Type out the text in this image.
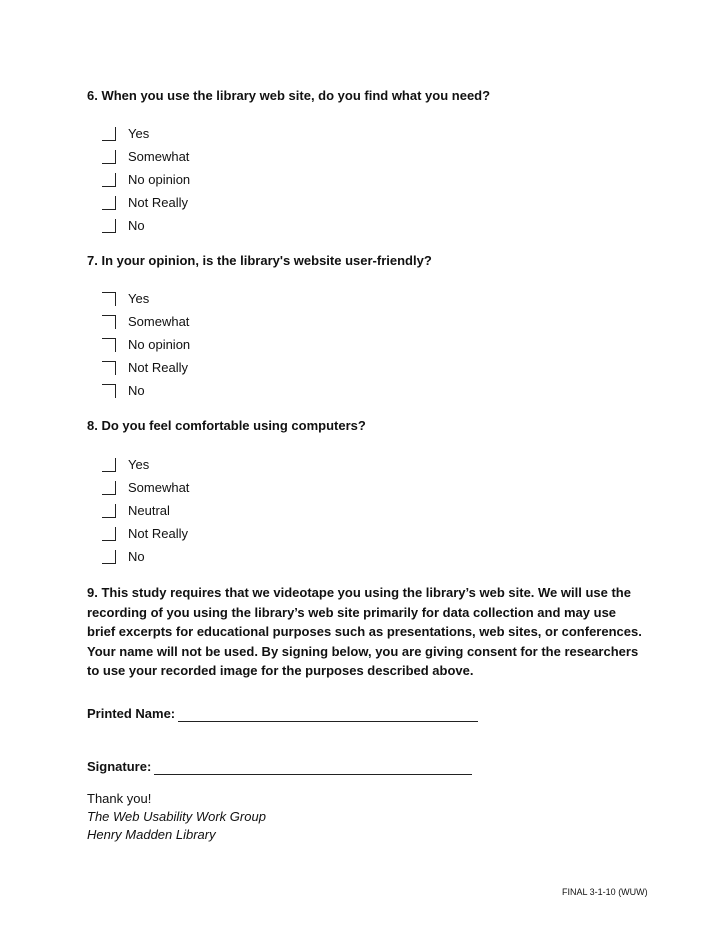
6. When you use the library web site, do you find what you need?
Yes
Somewhat
No opinion
Not Really
No
7. In your opinion, is the library's website user-friendly?
Yes
Somewhat
No opinion
Not Really
No
8. Do you feel comfortable using computers?
Yes
Somewhat
Neutral
Not Really
No
9. This study requires that we videotape you using the library’s web site. We will use the recording of you using the library’s web site primarily for data collection and may use brief excerpts for educational purposes such as presentations, web sites, or conferences. Your name will not be used. By signing below, you are giving consent for the researchers to use your recorded image for the purposes described above.
Printed Name:
Signature:
Thank you!
The Web Usability Work Group
Henry Madden Library
FINAL 3-1-10 (WUW)
